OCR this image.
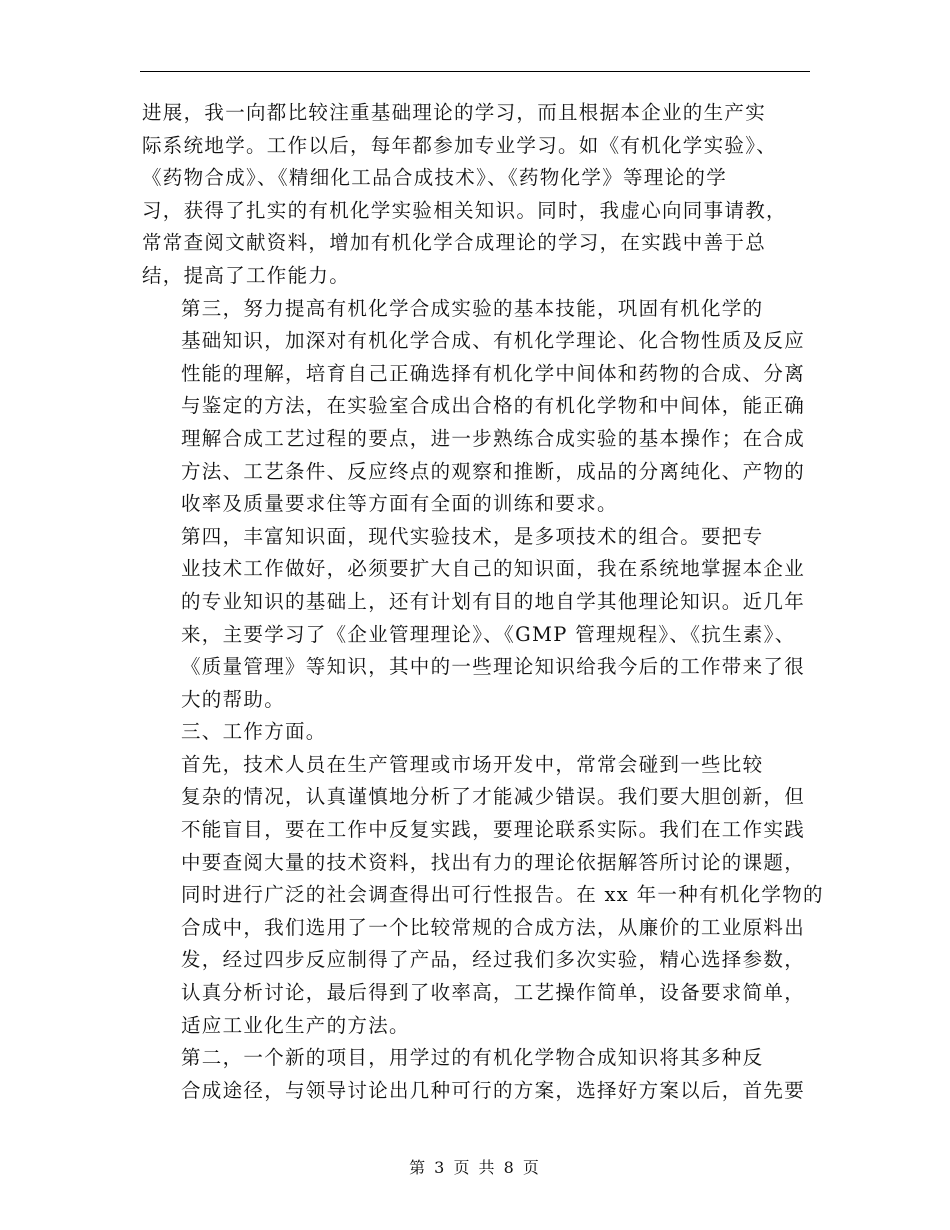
进展，我一向都比较注重基础理论的学习，而且根据本企业的生产实
际系统地学。工作以后，每年都参加专业学习。如《有机化学实验》、
《药物合成》、《精细化工品合成技术》、《药物化学》等理论的学
习，获得了扎实的有机化学实验相关知识。同时，我虚心向同事请教，
常常查阅文献资料，增加有机化学合成理论的学习，在实践中善于总
结，提高了工作能力。

第三，努力提高有机化学合成实验的基本技能，巩固有机化学的
基础知识，加深对有机化学合成、有机化学理论、化合物性质及反应
性能的理解，培育自己正确选择有机化学中间体和药物的合成、分离
与鉴定的方法，在实验室合成出合格的有机化学物和中间体，能正确
理解合成工艺过程的要点，进一步熟练合成实验的基本操作；在合成
方法、工艺条件、反应终点的观察和推断，成品的分离纯化、产物的
收率及质量要求住等方面有全面的训练和要求。

第四，丰富知识面，现代实验技术，是多项技术的组合。要把专
业技术工作做好，必须要扩大自己的知识面，我在系统地掌握本企业
的专业知识的基础上，还有计划有目的地自学其他理论知识。近几年
来，主要学习了《企业管理理论》、《GMP 管理规程》、《抗生素》、
《质量管理》等知识，其中的一些理论知识给我今后的工作带来了很
大的帮助。

三、工作方面。

首先，技术人员在生产管理或市场开发中，常常会碰到一些比较
复杂的情况，认真谨慎地分析了才能减少错误。我们要大胆创新，但
不能盲目，要在工作中反复实践，要理论联系实际。我们在工作实践
中要查阅大量的技术资料，找出有力的理论依据解答所讨论的课题，
同时进行广泛的社会调查得出可行性报告。在 xx 年一种有机化学物的
合成中，我们选用了一个比较常规的合成方法，从廉价的工业原料出
发，经过四步反应制得了产品，经过我们多次实验，精心选择参数，
认真分析讨论，最后得到了收率高，工艺操作简单，设备要求简单，
适应工业化生产的方法。

第二，一个新的项目，用学过的有机化学物合成知识将其多种反
合成途径，与领导讨论出几种可行的方案，选择好方案以后，首先要

第 3 页 共 8 页
